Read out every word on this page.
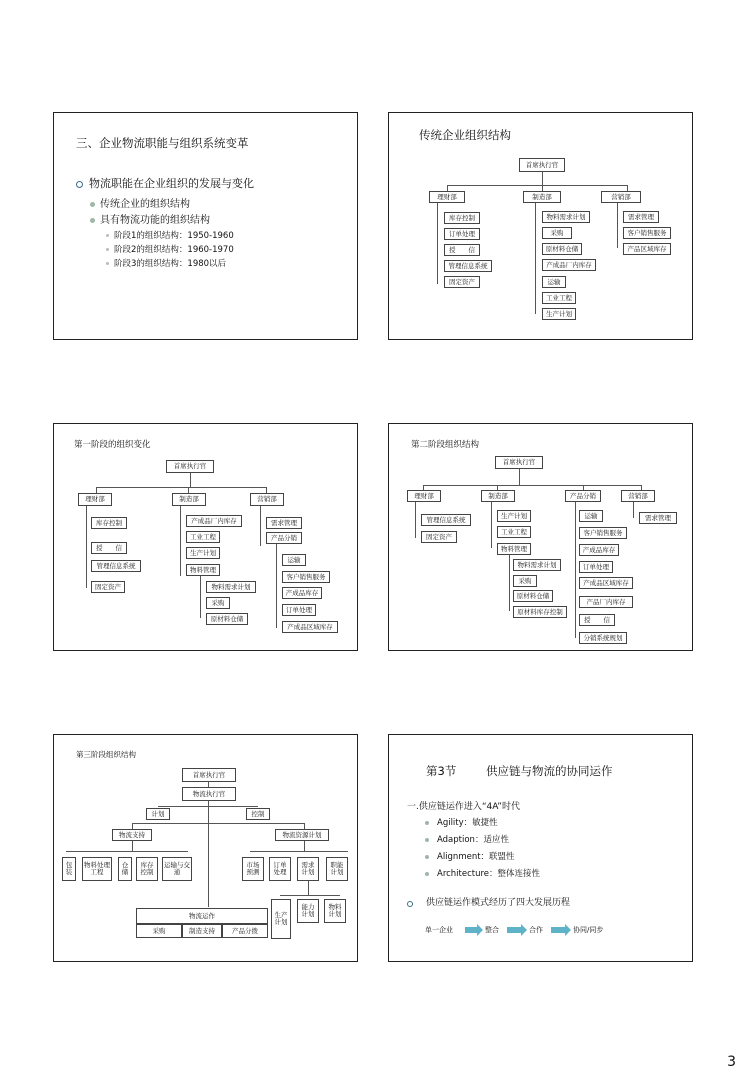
三、企业物流职能与组织系统变革
物流职能在企业组织的发展与变化
传统企业的组织结构
具有物流功能的组织结构
阶段1的组织结构：1950-1960
阶段2的组织结构：1960-1970
阶段3的组织结构：1980以后
传统企业组织结构
首席执行官
理财部	制造部	营销部
库存控制
订单处理
授　　信
管理信息系统
固定资产
物料需求计划
采购
原材料仓储
产成品厂内库存
运输
工业工程
生产计划
需求管理
客户销售服务
产品区域库存
第一阶段的组织变化
首席执行官
理财部	制造部	营销部
库存控制
授　　信
管理信息系统
固定资产
产成品厂内库存
工业工程
生产计划
物料管理
物料需求计划
采购
原材料仓储
需求管理
产品分销
运输
客户销售服务
产成品库存
订单处理
产成品区域库存
第二阶段组织结构
首席执行官
理财部	制造部	产品分销	营销部
管理信息系统
固定资产
生产计划
工业工程
物料管理
物料需求计划
采购
原材料仓储
原材料库存控制
运输
客户销售服务
产成品库存
订单处理
产成品区域库存
产品厂内库存
授　　信
分销系统规划
需求管理
第三阶段组织结构
首席执行官
物流执行官
计划	控制
物流支持	物流资源计划
包装
物料处理工程
仓储
库存控制
运输与交通
市场预测
订单处理
需求计划
职能计划
生产计划
能力计划
物料计划
物流运作
采购	制造支持	产品分拨
第3节	供应链与物流的协同运作
一.供应链运作进入“4A”时代
Agility：敏捷性
Adaption：适应性
Alignment：联盟性
Architecture：整体连接性
供应链运作模式经历了四大发展历程
单一企业	整合	合作	协同/同步
3
